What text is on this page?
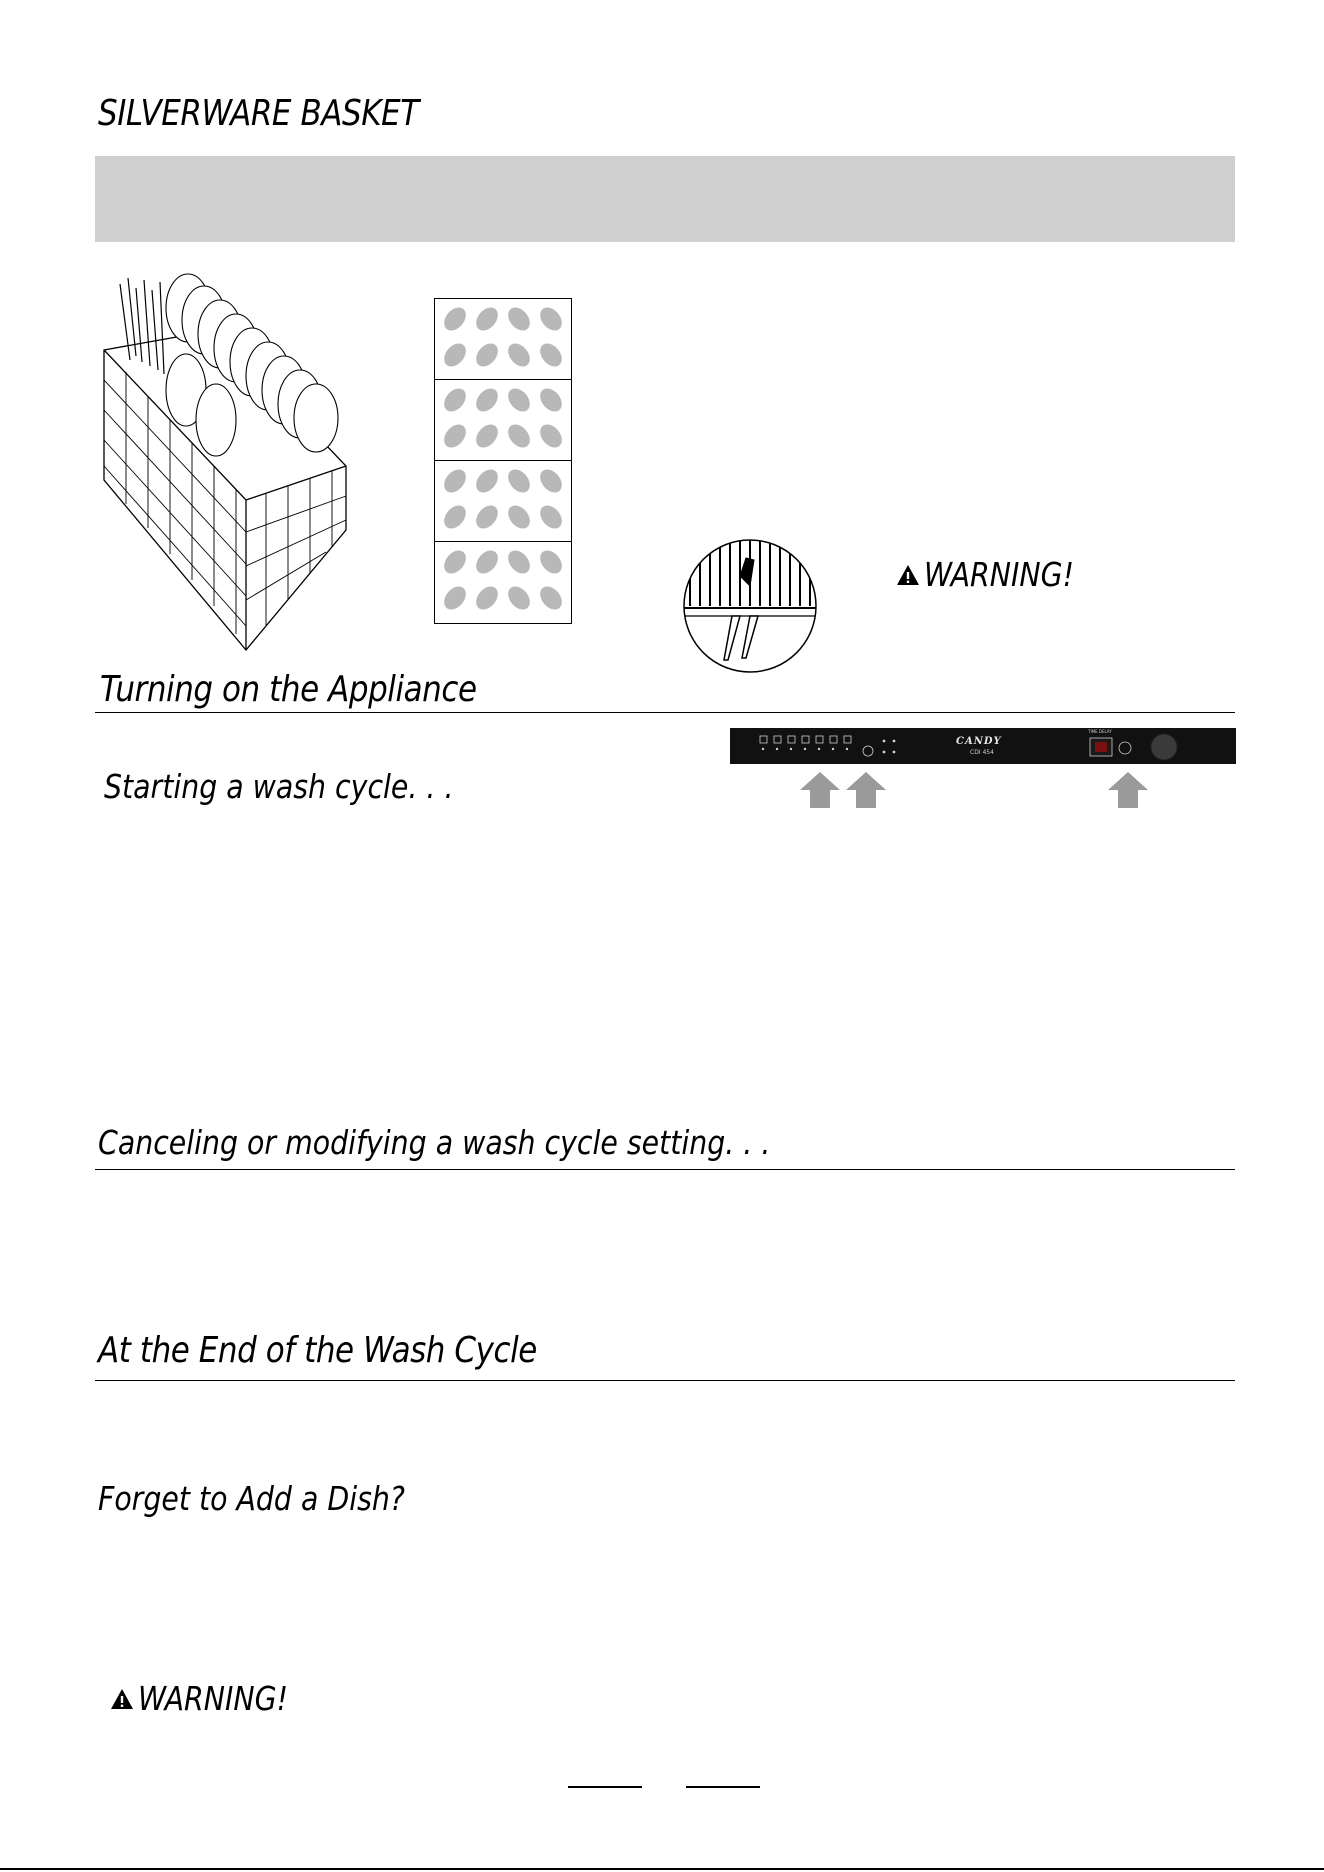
SILVERWARE BASKET
WARNING!
Turning on the Appliance
Starting a wash cycle. . .
CANDY
CDI 454
TIME DELAY
Canceling or modifying a wash cycle setting. . .
At the End of the Wash Cycle
Forget to Add a Dish?
WARNING!
